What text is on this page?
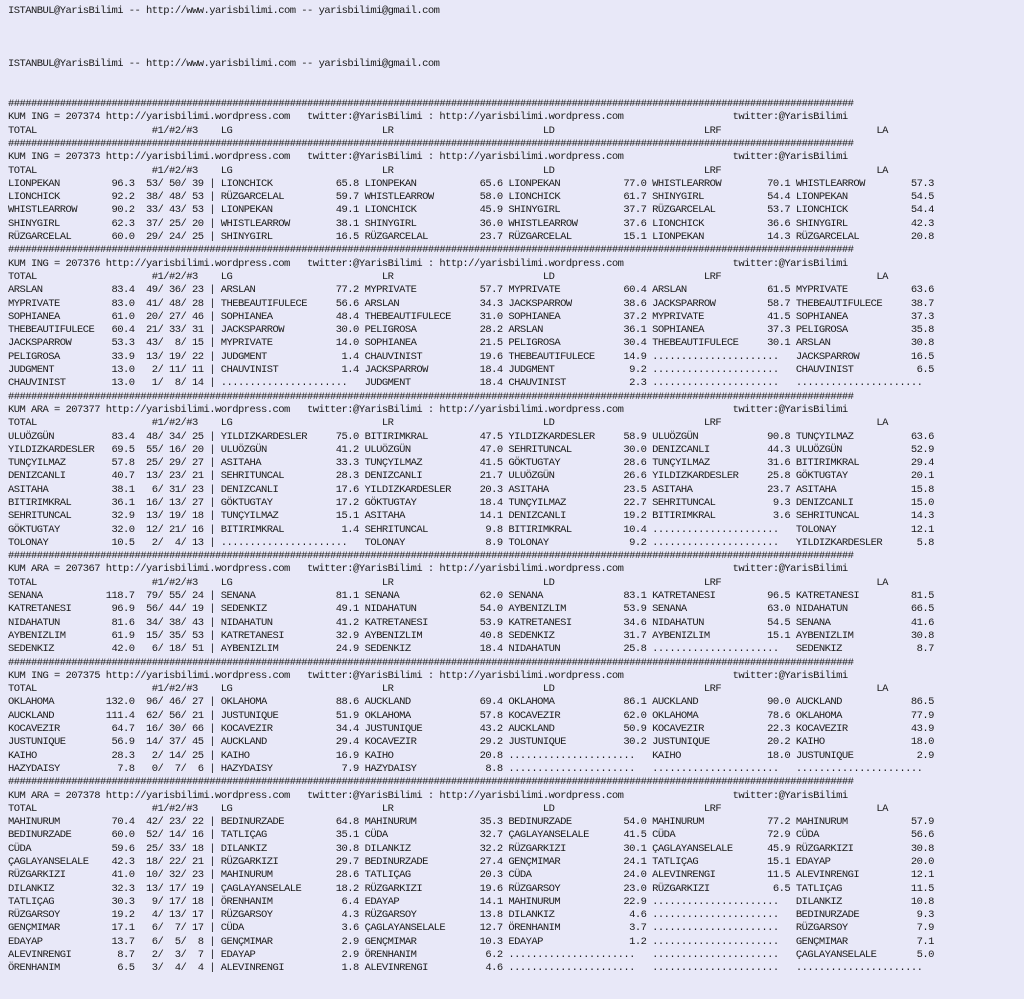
ISTANBUL@YarisBilimi -- http://www.yarisbilimi.com -- yarisbilimi@gmail.com

ISTANBUL@YarisBilimi -- http://www.yarisbilimi.com -- yarisbilimi@gmail.com

###################################################################################################################################################
KUM ING = 207374 http://yarisbilimi.wordpress.com   twitter:@YarisBilimi : http://yarisbilimi.wordpress.com                   twitter:@YarisBilimi
TOTAL                    #1/#2/#3    LG                          LR                          LD                          LRF                           LA
###################################################################################################################################################
KUM ING = 207373 http://yarisbilimi.wordpress.com   twitter:@YarisBilimi : http://yarisbilimi.wordpress.com                   twitter:@YarisBilimi
TOTAL                    #1/#2/#3    LG                          LR                          LD                          LRF                           LA
LIONPEKAN         96.3  53/ 50/ 39 | LIONCHICK           65.8 LIONPEKAN           65.6 LIONPEKAN           77.0 WHISTLEARROW        70.1 WHISTLEARROW        57.3
LIONCHICK         92.2  38/ 48/ 53 | RÜZGARCELAL         59.7 WHISTLEARROW        58.0 LIONCHICK           61.7 SHINYGIRL           54.4 LIONPEKAN           54.5
WHISTLEARROW      90.2  33/ 43/ 53 | LIONPEKAN           49.1 LIONCHICK           45.9 SHINYGIRL           37.7 RÜZGARCELAL         53.7 LIONCHICK           54.4
SHINYGIRL         62.3  37/ 25/ 20 | WHISTLEARROW        38.1 SHINYGIRL           36.0 WHISTLEARROW        37.6 LIONCHICK           36.6 SHINYGIRL           42.3
RÜZGARCELAL       60.0  29/ 24/ 25 | SHINYGIRL           16.5 RÜZGARCELAL         23.7 RÜZGARCELAL         15.1 LIONPEKAN           14.3 RÜZGARCELAL         20.8
###################################################################################################################################################
KUM ING = 207376 http://yarisbilimi.wordpress.com   twitter:@YarisBilimi : http://yarisbilimi.wordpress.com                   twitter:@YarisBilimi
TOTAL                    #1/#2/#3    LG                          LR                          LD                          LRF                           LA
ARSLAN            83.4  49/ 36/ 23 | ARSLAN              77.2 MYPRIVATE           57.7 MYPRIVATE           60.4 ARSLAN              61.5 MYPRIVATE           63.6
MYPRIVATE         83.0  41/ 48/ 28 | THEBEAUTIFULECE     56.6 ARSLAN              34.3 JACKSPARROW         38.6 JACKSPARROW         58.7 THEBEAUTIFULECE     38.7
SOPHIANEA         61.0  20/ 27/ 46 | SOPHIANEA           48.4 THEBEAUTIFULECE     31.0 SOPHIANEA           37.2 MYPRIVATE           41.5 SOPHIANEA           37.3
THEBEAUTIFULECE   60.4  21/ 33/ 31 | JACKSPARROW         30.0 PELIGROSA           28.2 ARSLAN              36.1 SOPHIANEA           37.3 PELIGROSA           35.8
JACKSPARROW       53.3  43/  8/ 15 | MYPRIVATE           14.0 SOPHIANEA           21.5 PELIGROSA           30.4 THEBEAUTIFULECE     30.1 ARSLAN              30.8
PELIGROSA         33.9  13/ 19/ 22 | JUDGMENT             1.4 CHAUVINIST          19.6 THEBEAUTIFULECE     14.9 ......................   JACKSPARROW         16.5
JUDGMENT          13.0   2/ 11/ 11 | CHAUVINIST           1.4 JACKSPARROW         18.4 JUDGMENT             9.2 ......................   CHAUVINIST           6.5
CHAUVINIST        13.0   1/  8/ 14 | ......................   JUDGMENT            18.4 CHAUVINIST           2.3 ......................   ......................
###################################################################################################################################################
KUM ARA = 207377 http://yarisbilimi.wordpress.com   twitter:@YarisBilimi : http://yarisbilimi.wordpress.com                   twitter:@YarisBilimi
TOTAL                    #1/#2/#3    LG                          LR                          LD                          LRF                           LA
ULUÖZGÜN          83.4  48/ 34/ 25 | YILDIZKARDESLER     75.0 BITIRIMKRAL         47.5 YILDIZKARDESLER     58.9 ULUÖZGÜN            90.8 TUNÇYILMAZ          63.6
YILDIZKARDESLER   69.5  55/ 16/ 20 | ULUÖZGÜN            41.2 ULUÖZGÜN            47.0 SEHRITUNCAL         30.0 DENIZCANLI          44.3 ULUÖZGÜN            52.9
TUNÇYILMAZ        57.8  25/ 29/ 27 | ASITAHA             33.3 TUNÇYILMAZ          41.5 GÖKTUGTAY           28.6 TUNÇYILMAZ          31.6 BITIRIMKRAL         29.4
DENIZCANLI        40.7  13/ 23/ 21 | SEHRITUNCAL         28.3 DENIZCANLI          21.7 ULUÖZGÜN            26.6 YILDIZKARDESLER     25.8 GÖKTUGTAY           20.1
ASITAHA           38.1   6/ 31/ 23 | DENIZCANLI          17.6 YILDIZKARDESLER     20.3 ASITAHA             23.5 ASITAHA             23.7 ASITAHA             15.8
BITIRIMKRAL       36.1  16/ 13/ 27 | GÖKTUGTAY           17.2 GÖKTUGTAY           18.4 TUNÇYILMAZ          22.7 SEHRITUNCAL          9.3 DENIZCANLI          15.0
SEHRITUNCAL       32.9  13/ 19/ 18 | TUNÇYILMAZ          15.1 ASITAHA             14.1 DENIZCANLI          19.2 BITIRIMKRAL          3.6 SEHRITUNCAL         14.3
GÖKTUGTAY         32.0  12/ 21/ 16 | BITIRIMKRAL          1.4 SEHRITUNCAL          9.8 BITIRIMKRAL         10.4 ......................   TOLONAY             12.1
TOLONAY           10.5   2/  4/ 13 | ......................   TOLONAY              8.9 TOLONAY              9.2 ......................   YILDIZKARDESLER      5.8
###################################################################################################################################################
KUM ARA = 207367 http://yarisbilimi.wordpress.com   twitter:@YarisBilimi : http://yarisbilimi.wordpress.com                   twitter:@YarisBilimi
TOTAL                    #1/#2/#3    LG                          LR                          LD                          LRF                           LA
SENANA           118.7  79/ 55/ 24 | SENANA              81.1 SENANA              62.0 SENANA              83.1 KATRETANESI         96.5 KATRETANESI         81.5
KATRETANESI       96.9  56/ 44/ 19 | SEDENKIZ            49.1 NIDAHATUN           54.0 AYBENIZLIM          53.9 SENANA              63.0 NIDAHATUN           66.5
NIDAHATUN         81.6  34/ 38/ 43 | NIDAHATUN           41.2 KATRETANESI         53.9 KATRETANESI         34.6 NIDAHATUN           54.5 SENANA              41.6
AYBENIZLIM        61.9  15/ 35/ 53 | KATRETANESI         32.9 AYBENIZLIM          40.8 SEDENKIZ            31.7 AYBENIZLIM          15.1 AYBENIZLIM          30.8
SEDENKIZ          42.0   6/ 18/ 51 | AYBENIZLIM          24.9 SEDENKIZ            18.4 NIDAHATUN           25.8 ......................   SEDENKIZ             8.7
###################################################################################################################################################
KUM ING = 207375 http://yarisbilimi.wordpress.com   twitter:@YarisBilimi : http://yarisbilimi.wordpress.com                   twitter:@YarisBilimi
TOTAL                    #1/#2/#3    LG                          LR                          LD                          LRF                           LA
OKLAHOMA         132.0  96/ 46/ 27 | OKLAHOMA            88.6 AUCKLAND            69.4 OKLAHOMA            86.1 AUCKLAND            90.0 AUCKLAND            86.5
AUCKLAND         111.4  62/ 56/ 21 | JUSTUNIQUE          51.9 OKLAHOMA            57.8 KOCAVEZIR           62.0 OKLAHOMA            78.6 OKLAHOMA            77.9
KOCAVEZIR         64.7  16/ 30/ 66 | KOCAVEZIR           34.4 JUSTUNIQUE          43.2 AUCKLAND            50.9 KOCAVEZIR           22.3 KOCAVEZIR           43.9
JUSTUNIQUE        56.9  14/ 37/ 45 | AUCKLAND            29.4 KOCAVEZIR           29.2 JUSTUNIQUE          30.2 JUSTUNIQUE          20.2 KAIHO               18.0
KAIHO             28.3   2/ 14/ 25 | KAIHO               16.9 KAIHO               20.8 ......................   KAIHO               18.0 JUSTUNIQUE           2.9
HAZYDAISY          7.8   0/  7/  6 | HAZYDAISY            7.9 HAZYDAISY            8.8 ......................   ......................   ......................
###################################################################################################################################################
KUM ARA = 207378 http://yarisbilimi.wordpress.com   twitter:@YarisBilimi : http://yarisbilimi.wordpress.com                   twitter:@YarisBilimi
TOTAL                    #1/#2/#3    LG                          LR                          LD                          LRF                           LA
MAHINURUM         70.4  42/ 23/ 22 | BEDINURZADE         64.8 MAHINURUM           35.3 BEDINURZADE         54.0 MAHINURUM           77.2 MAHINURUM           57.9
BEDINURZADE       60.0  52/ 14/ 16 | TATLIÇAG            35.1 CÜDA                32.7 ÇAGLAYANSELALE      41.5 CÜDA                72.9 CÜDA                56.6
CÜDA              59.6  25/ 33/ 18 | DILANKIZ            30.8 DILANKIZ            32.2 RÜZGARKIZI          30.1 ÇAGLAYANSELALE      45.9 RÜZGARKIZI          30.8
ÇAGLAYANSELALE    42.3  18/ 22/ 21 | RÜZGARKIZI          29.7 BEDINURZADE         27.4 GENÇMIMAR           24.1 TATLIÇAG            15.1 EDAYAP              20.0
RÜZGARKIZI        41.0  10/ 32/ 23 | MAHINURUM           28.6 TATLIÇAG            20.3 CÜDA                24.0 ALEVINRENGI         11.5 ALEVINRENGI         12.1
DILANKIZ          32.3  13/ 17/ 19 | ÇAGLAYANSELALE      18.2 RÜZGARKIZI          19.6 RÜZGARSOY           23.0 RÜZGARKIZI           6.5 TATLIÇAG            11.5
TATLIÇAG          30.3   9/ 17/ 18 | ÖRENHANIM            6.4 EDAYAP              14.1 MAHINURUM           22.9 ......................   DILANKIZ            10.8
RÜZGARSOY         19.2   4/ 13/ 17 | RÜZGARSOY            4.3 RÜZGARSOY           13.8 DILANKIZ             4.6 ......................   BEDINURZADE          9.3
GENÇMIMAR         17.1   6/  7/ 17 | CÜDA                 3.6 ÇAGLAYANSELALE      12.7 ÖRENHANIM            3.7 ......................   RÜZGARSOY            7.9
EDAYAP            13.7   6/  5/  8 | GENÇMIMAR            2.9 GENÇMIMAR           10.3 EDAYAP               1.2 ......................   GENÇMIMAR            7.1
ALEVINRENGI        8.7   2/  3/  7 | EDAYAP               2.9 ÖRENHANIM            6.2 ......................   ......................   ÇAGLAYANSELALE       5.0
ÖRENHANIM          6.5   3/  4/  4 | ALEVINRENGI          1.8 ALEVINRENGI          4.6 ......................   ......................   ......................
